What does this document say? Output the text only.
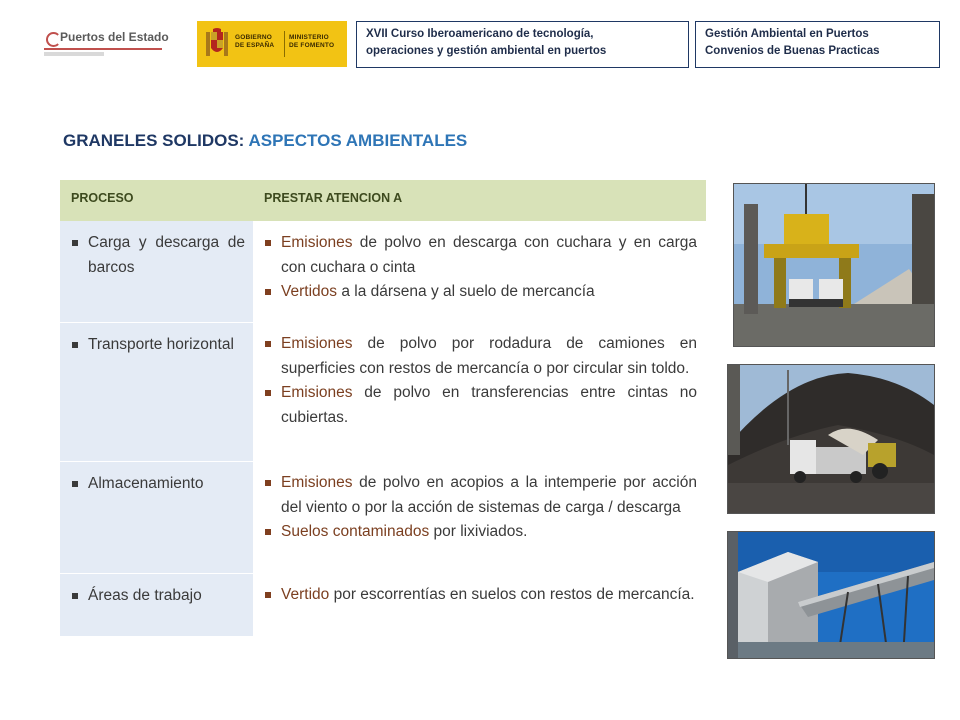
Puertos del Estado	GOBIERNO
DE ESPAÑA
MINISTERIO
DE FOMENTO
XVII Curso Iberoamericano de tecnología,
operaciones y gestión ambiental en puertos
Gestión Ambiental en Puertos
Convenios de Buenas Practicas
GRANELES SOLIDOS: ASPECTOS AMBIENTALES
PROCESO	PRESTAR ATENCION A

Carga y descarga de barcos	Emisiones de polvo en descarga con cuchara y en carga con cuchara o cinta
Vertidos a la dársena y al suelo de mercancía

Transporte horizontal	Emisiones de polvo por rodadura de camiones en superficies con restos de mercancía o por circular sin toldo.
Emisiones de polvo en transferencias entre cintas no cubiertas.

Almacenamiento	Emisiones de polvo en acopios a la intemperie por acción del viento o por la acción de sistemas de carga / descarga
Suelos contaminados por lixiviados.

Áreas de trabajo	Vertido por escorrentías en suelos con restos de mercancía.
